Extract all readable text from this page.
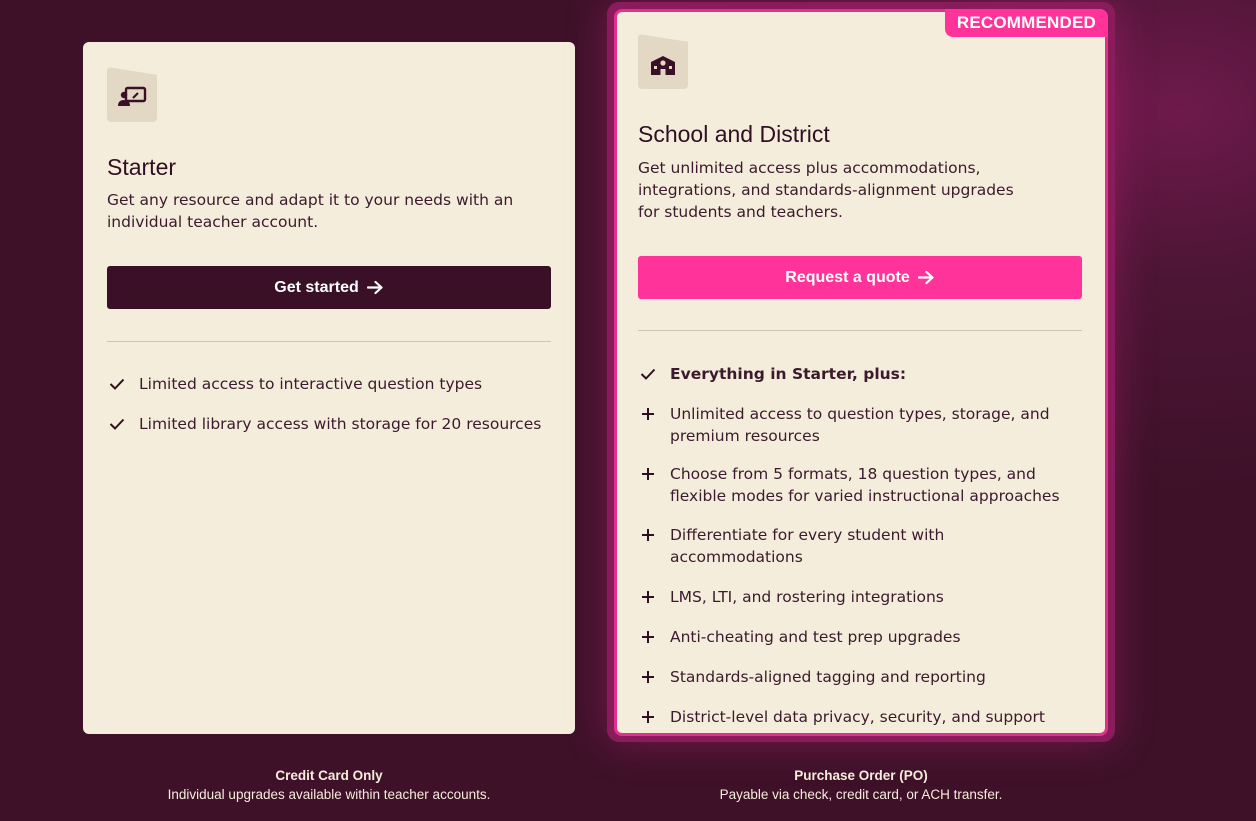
Starter
Get any resource and adapt it to your needs with an individual teacher account.
Get started
Limited access to interactive question types
Limited library access with storage for 20 resources
RECOMMENDED
School and District
Get unlimited access plus accommodations, integrations, and standards-alignment upgrades for students and teachers.
Request a quote
Everything in Starter, plus:
Unlimited access to question types, storage, and premium resources
Choose from 5 formats, 18 question types, and flexible modes for varied instructional approaches
Differentiate for every student with accommodations
LMS, LTI, and rostering integrations
Anti-cheating and test prep upgrades
Standards-aligned tagging and reporting
District-level data privacy, security, and support
Credit Card Only
Individual upgrades available within teacher accounts.
Purchase Order (PO)
Payable via check, credit card, or ACH transfer.
